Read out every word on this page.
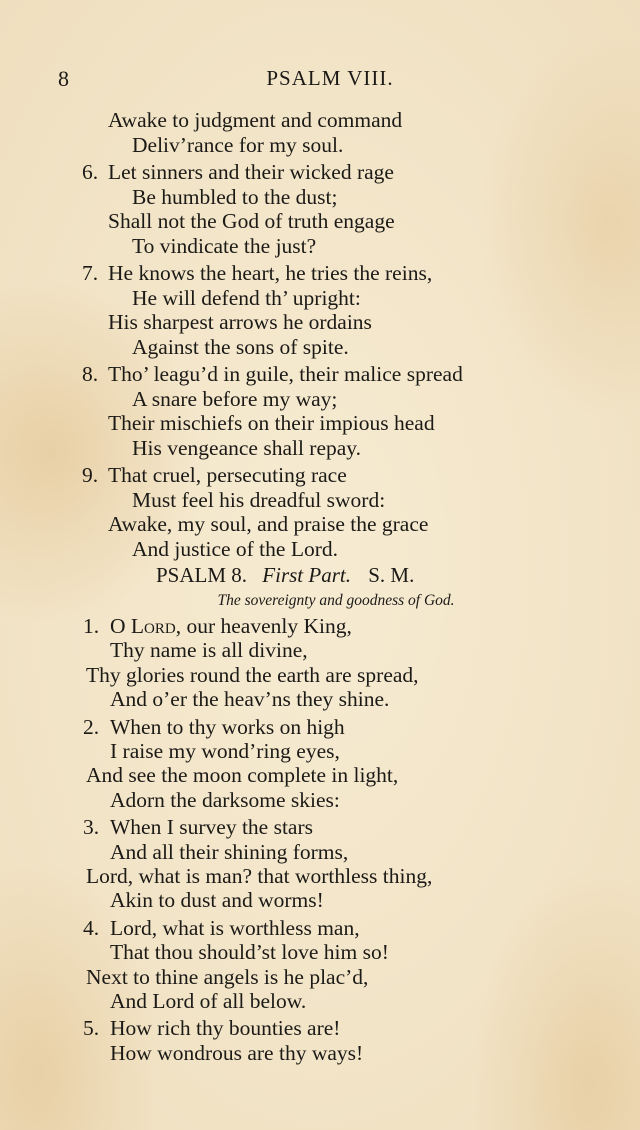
8	PSALM VIII.
Awake to judgment and command
Deliv’rance for my soul.
6. Let sinners and their wicked rage
Be humbled to the dust;
Shall not the God of truth engage
To vindicate the just?
7. He knows the heart, he tries the reins,
He will defend th’ upright:
His sharpest arrows he ordains
Against the sons of spite.
8. Tho’ leagu’d in guile, their malice spread
A snare before my way;
Their mischiefs on their impious head
His vengeance shall repay.
9. That cruel, persecuting race
Must feel his dreadful sword:
Awake, my soul, and praise the grace
And justice of the Lord.
PSALM 8. First Part. S. M.
The sovereignty and goodness of God.
1. O Lord, our heavenly King,
Thy name is all divine,
Thy glories round the earth are spread,
And o’er the heav’ns they shine.
2. When to thy works on high
I raise my wond’ring eyes,
And see the moon complete in light,
Adorn the darksome skies:
3. When I survey the stars
And all their shining forms,
Lord, what is man? that worthless thing,
Akin to dust and worms!
4. Lord, what is worthless man,
That thou should’st love him so!
Next to thine angels is he plac’d,
And Lord of all below.
5. How rich thy bounties are!
How wondrous are thy ways!
